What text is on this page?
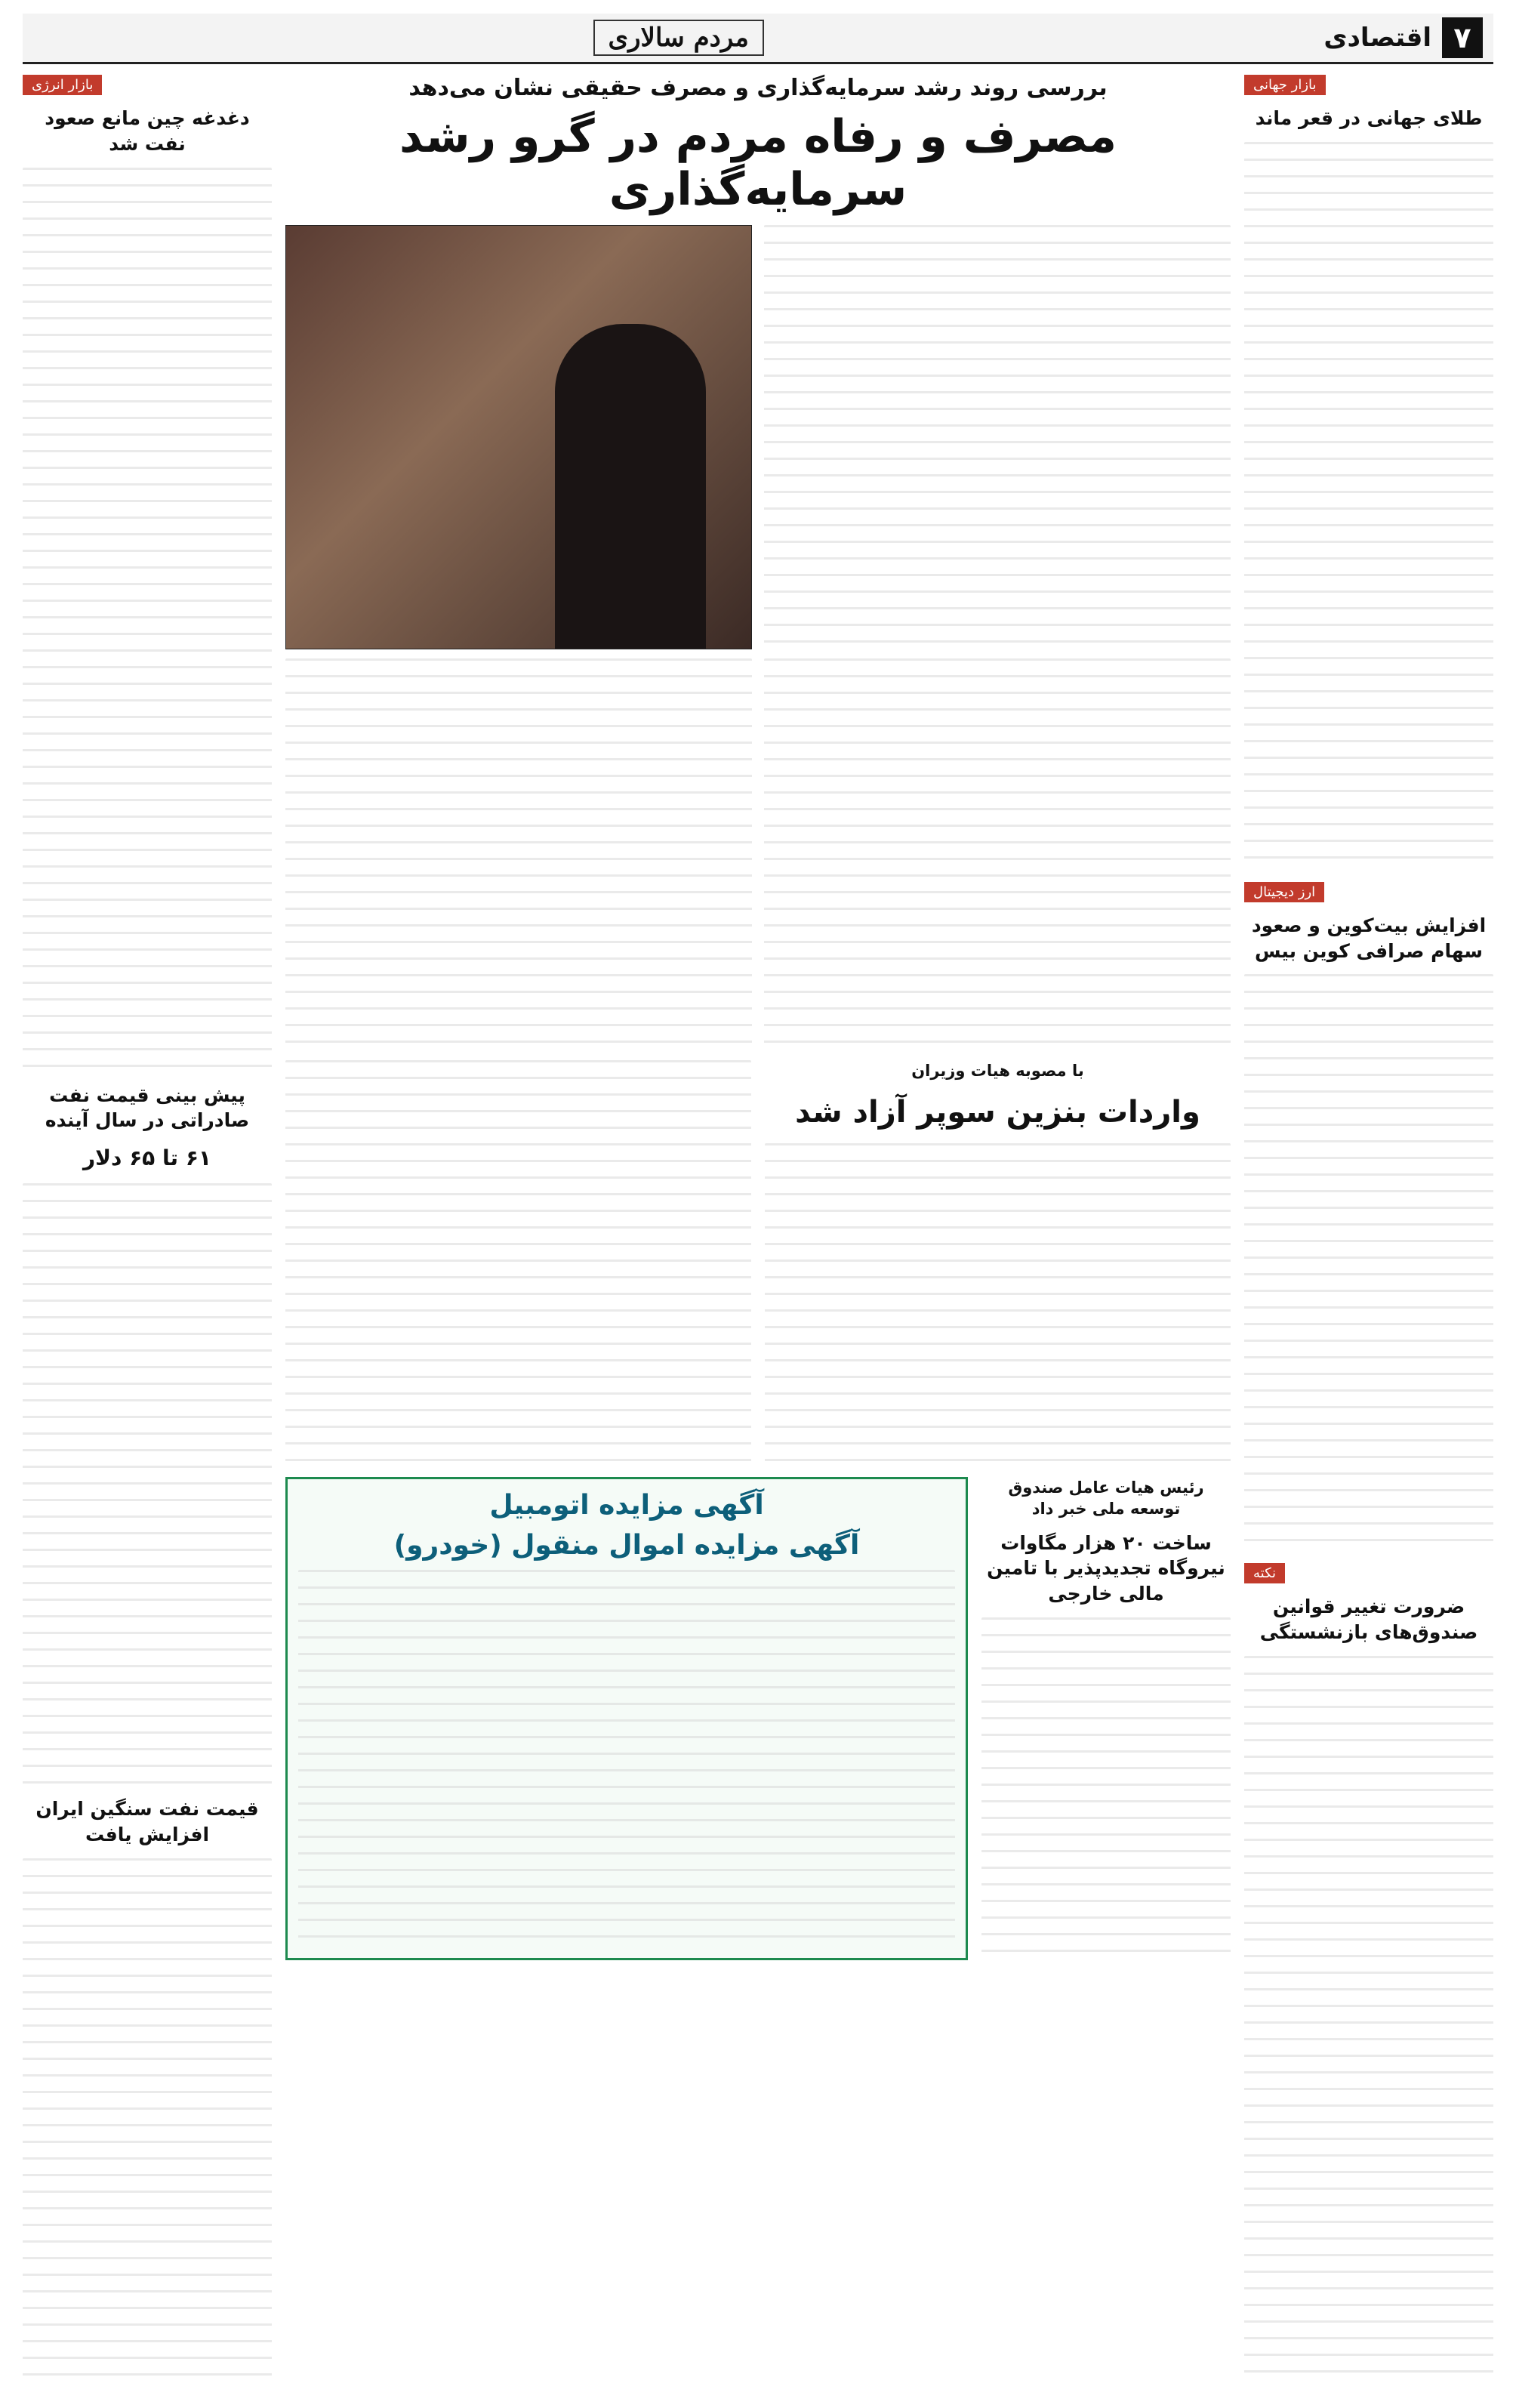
۷
اقتصادی
مردم سالاری
بازار جهانی
طلای جهانی در قعر ماند
ارز دیجیتال
افزایش بیت‌کوین و صعود سهام صرافی کوین بیس
نکته
ضرورت تغییر قوانین صندوق‌های بازنشستگی

بررسی روند رشد سرمایه‌گذاری و مصرف حقیقی نشان می‌دهد

مصرف و رفاه مردم در گرو رشد سرمایه‌گذاری

با مصوبه هیات وزیران

واردات بنزین سوپر آزاد شد

رئیس هیات عامل صندوق توسعه ملی خبر داد

ساخت ۲۰ هزار مگاوات نیروگاه تجدیدپذیر با تامین مالی خارجی
آگهی مزایده اتومبیل
آگهی مزایده اموال منقول (خودرو)
بازار انرژی
دغدغه چین مانع صعود نفت شد
پیش بینی قیمت نفت صادراتی در سال آینده
۶۱ تا ۶۵ دلار
قیمت نفت سنگین ایران افزایش یافت
